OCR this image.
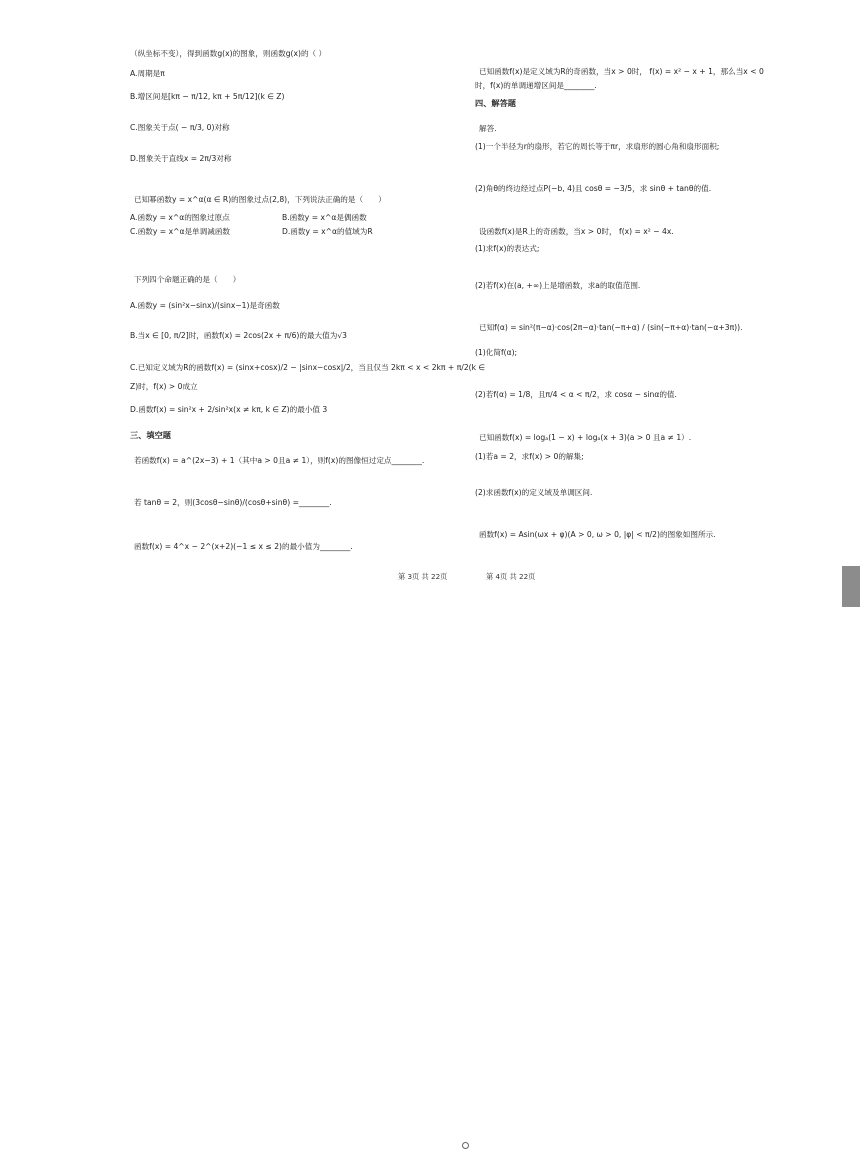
（纵坐标不变），得到函数g(x)的图象，则函数g(x)的（ ）
A.周期是π
B.增区间是[kπ − π/12, kπ + 5π/12](k ∈ Z)
C.图象关于点( − π/3, 0)对称
D.图象关于直线x = 2π/3对称
已知幂函数y = x^α(α ∈ R)的图象过点(2,8)，下列说法正确的是（　　）
A.函数y = x^α的图象过原点	B.函数y = x^α是偶函数
C.函数y = x^α是单调减函数	D.函数y = x^α的值域为R
下列四个命题正确的是（　　）
A.函数y = (sin²x−sinx)/(sinx−1)是奇函数
B.当x ∈ [0, π/2]时，函数f(x) = 2cos(2x + π/6)的最大值为√3
C.已知定义域为R的函数f(x) = (sinx+cosx)/2 − |sinx−cosx|/2，当且仅当 2kπ < x < 2kπ + π/2(k ∈
Z)时，f(x) > 0成立
D.函数f(x) = sin²x + 2/sin²x(x ≠ kπ, k ∈ Z)的最小值 3
三、填空题
若函数f(x) = a^(2x−3) + 1（其中a > 0且a ≠ 1），则f(x)的图像恒过定点________.
若 tanθ = 2，则(3cosθ−sinθ)/(cosθ+sinθ) =________.
函数f(x) = 4^x − 2^(x+2)(−1 ≤ x ≤ 2)的最小值为________.
已知函数f(x)是定义域为R的奇函数，当x > 0时， f(x) = x² − x + 1，那么当x < 0
时，f(x)的单调递增区间是________.
四、解答题
解答.
(1)一个半径为r的扇形，若它的周长等于πr，求扇形的圆心角和扇形面积;
(2)角θ的终边经过点P(−b, 4)且 cosθ = −3/5，求 sinθ + tanθ的值.
设函数f(x)是R上的奇函数，当x > 0时， f(x) = x² − 4x.
(1)求f(x)的表达式;
(2)若f(x)在(a, +∞)上是增函数，求a的取值范围.
已知f(α) = sin²(π−α)·cos(2π−α)·tan(−π+α) / (sin(−π+α)·tan(−α+3π)).
(1)化简f(α);
(2)若f(α) = 1/8，且π/4 < α < π/2，求 cosα − sinα的值.
已知函数f(x) = logₐ(1 − x) + logₐ(x + 3)(a > 0 且a ≠ 1）.
(1)若a = 2，求f(x) > 0的解集;
(2)求函数f(x)的定义域及单调区间.
函数f(x) = Asin(ωx + φ)(A > 0, ω > 0, |φ| < π/2)的图象如图所示.
第 3页 共 22页	第 4页 共 22页
